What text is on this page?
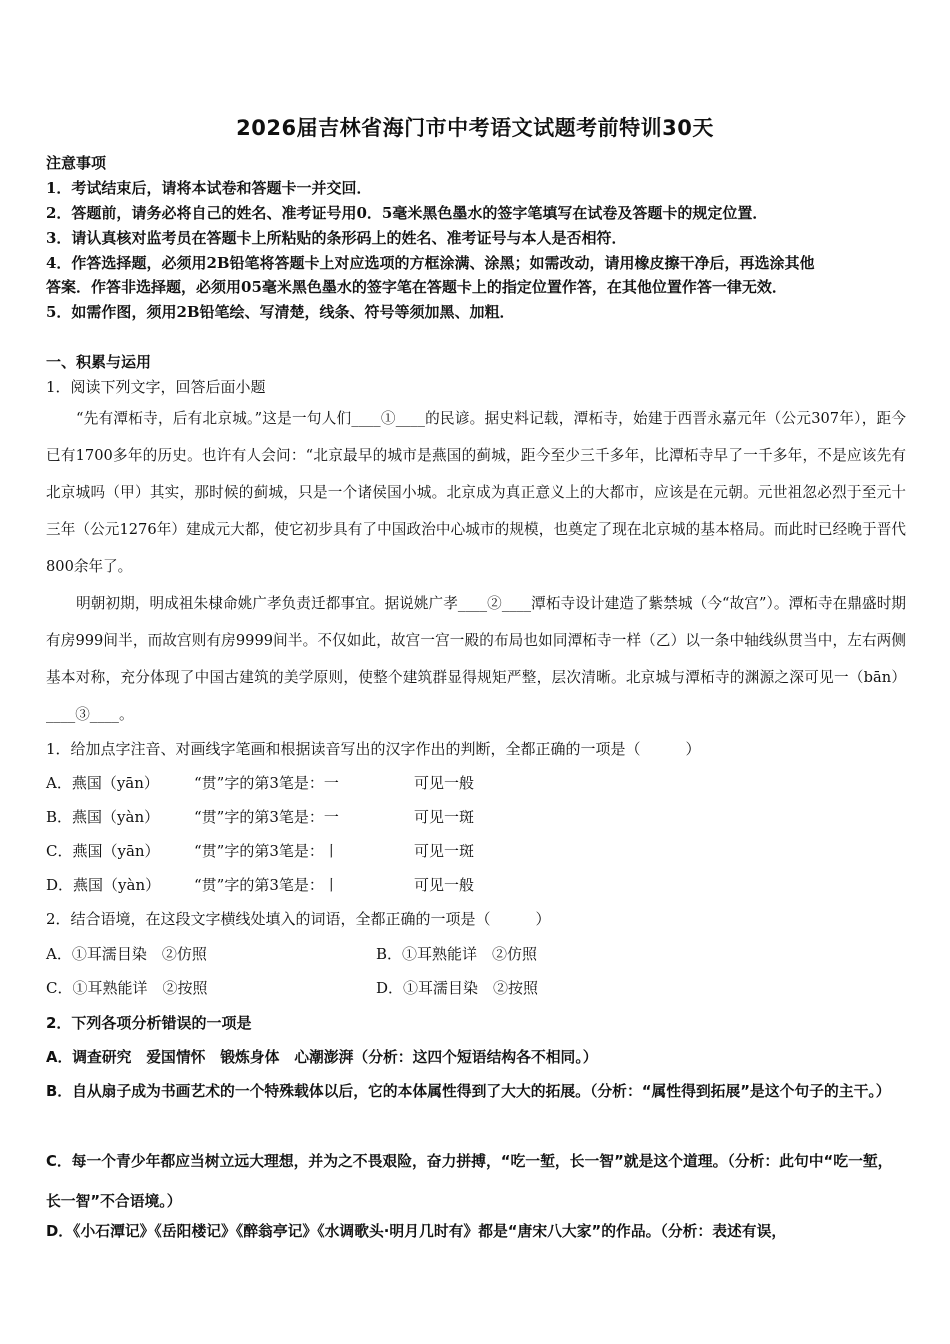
2026届吉林省海门市中考语文试题考前特训30天
注意事项
1．考试结束后，请将本试卷和答题卡一并交回．
2．答题前，请务必将自己的姓名、准考证号用0．5毫米黑色墨水的签字笔填写在试卷及答题卡的规定位置．
3．请认真核对监考员在答题卡上所粘贴的条形码上的姓名、准考证号与本人是否相符．
4．作答选择题，必须用2B铅笔将答题卡上对应选项的方框涂满、涂黑；如需改动，请用橡皮擦干净后，再选涂其他
答案．作答非选择题，必须用05毫米黑色墨水的签字笔在答题卡上的指定位置作答，在其他位置作答一律无效．
5．如需作图，须用2B铅笔绘、写清楚，线条、符号等须加黑、加粗．
一、积累与运用
1．阅读下列文字，回答后面小题
“先有潭柘寺，后有北京城。”这是一句人们____①____的民谚。据史料记载，潭柘寺，始建于西晋永嘉元年（公元307年），距今已有1700多年的历史。也许有人会问：“北京最早的城市是燕国的蓟城，距今至少三千多年，比潭柘寺早了一千多年，不是应该先有北京城吗（甲）其实，那时候的蓟城，只是一个诸侯国小城。北京成为真正意义上的大都市，应该是在元朝。元世祖忽必烈于至元十三年（公元1276年）建成元大都，使它初步具有了中国政治中心城市的规模，也奠定了现在北京城的基本格局。而此时已经晚于晋代800余年了。
明朝初期，明成祖朱棣命姚广孝负责迁都事宜。据说姚广孝____②____潭柘寺设计建造了紫禁城（今“故宫”）。潭柘寺在鼎盛时期有房999间半，而故宫则有房9999间半。不仅如此，故宫一宫一殿的布局也如同潭柘寺一样（乙）以一条中轴线纵贯当中，左右两侧基本对称，充分体现了中国古建筑的美学原则，使整个建筑群显得规矩严整，层次清晰。北京城与潭柘寺的渊源之深可见一（bān）____③____。
1．给加点字注音、对画线字笔画和根据读音写出的汉字作出的判断，全都正确的一项是（　　　）
A．燕国（yān） “贯”字的第3笔是：一	可见一般
B．燕国（yàn） “贯”字的第3笔是：一	可见一斑
C．燕国（yān） “贯”字的第3笔是：丨	可见一斑
D．燕国（yàn） “贯”字的第3笔是：丨	可见一般
2．结合语境，在这段文字横线处填入的词语，全都正确的一项是（　　　）
A．①耳濡目染　②仿照	B．①耳熟能详　②仿照
C．①耳熟能详　②按照	D．①耳濡目染　②按照
2．下列各项分析错误的一项是
A．调查研究　爱国情怀　锻炼身体　心潮澎湃（分析：这四个短语结构各不相同。）
B．自从扇子成为书画艺术的一个特殊载体以后，它的本体属性得到了大大的拓展。（分析：“属性得到拓展”是这个句子的主干。）
C．每一个青少年都应当树立远大理想，并为之不畏艰险，奋力拼搏，“吃一堑，长一智”就是这个道理。（分析：此句中“吃一堑，长一智”不合语境。）
D．《小石潭记》《岳阳楼记》《醉翁亭记》《水调歌头·明月几时有》都是“唐宋八大家”的作品。（分析：表述有误，
